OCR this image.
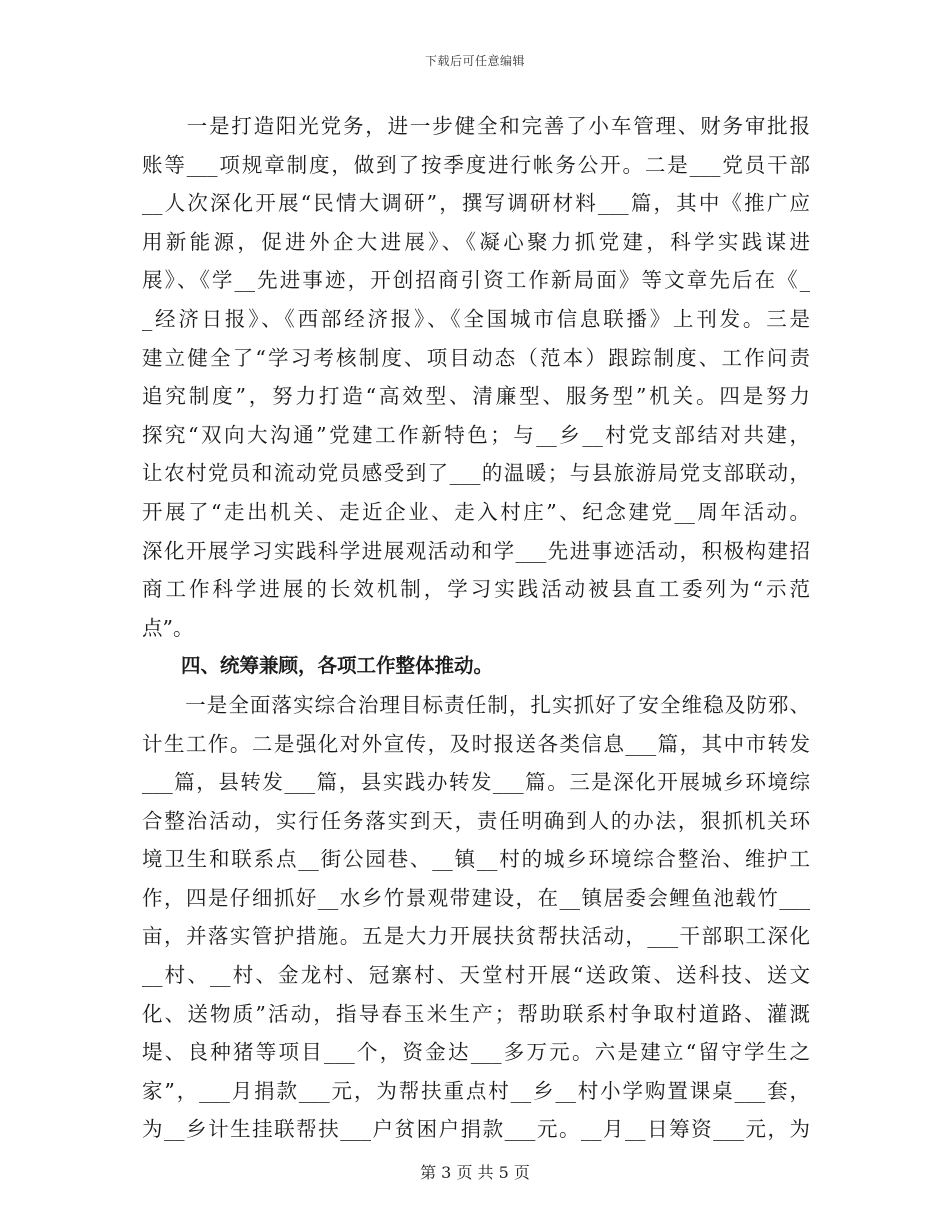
下载后可任意编辑
　　一是打造阳光党务，进一步健全和完善了小车管理、财务审批报
账等___项规章制度，做到了按季度进行帐务公开。二是___党员干部
__人次深化开展“民情大调研”，撰写调研材料___篇，其中《推广应
用新能源，促进外企大进展》、《凝心聚力抓党建，科学实践谋进
展》、《学__先进事迹，开创招商引资工作新局面》等文章先后在《_
_经济日报》、《西部经济报》、《全国城市信息联播》上刊发。三是
建立健全了“学习考核制度、项目动态（范本）跟踪制度、工作问责
追究制度”，努力打造“高效型、清廉型、服务型”机关。四是努力
探究“双向大沟通”党建工作新特色；与__乡__村党支部结对共建，
让农村党员和流动党员感受到了___的温暖；与县旅游局党支部联动，
开展了“走出机关、走近企业、走入村庄”、纪念建党__周年活动。
深化开展学习实践科学进展观活动和学___先进事迹活动，积极构建招
商工作科学进展的长效机制，学习实践活动被县直工委列为“示范
点”。
　　四、统筹兼顾，各项工作整体推动。
　　一是全面落实综合治理目标责任制，扎实抓好了安全维稳及防邪、
计生工作。二是强化对外宣传，及时报送各类信息___篇，其中市转发
___篇，县转发___篇，县实践办转发___篇。三是深化开展城乡环境综
合整治活动，实行任务落实到天，责任明确到人的办法，狠抓机关环
境卫生和联系点__街公园巷、__镇__村的城乡环境综合整治、维护工
作，四是仔细抓好__水乡竹景观带建设，在__镇居委会鲤鱼池载竹___
亩，并落实管护措施。五是大力开展扶贫帮扶活动，___干部职工深化
__村、__村、金龙村、冠寨村、天堂村开展“送政策、送科技、送文
化、送物质”活动，指导春玉米生产；帮助联系村争取村道路、灌溉
堤、良种猪等项目___个，资金达___多万元。六是建立“留守学生之
家”，___月捐款___元，为帮扶重点村__乡__村小学购置课桌___套，
为__乡计生挂联帮扶___户贫困户捐款___元。__月__日筹资___元，为
第 3 页 共 5 页
